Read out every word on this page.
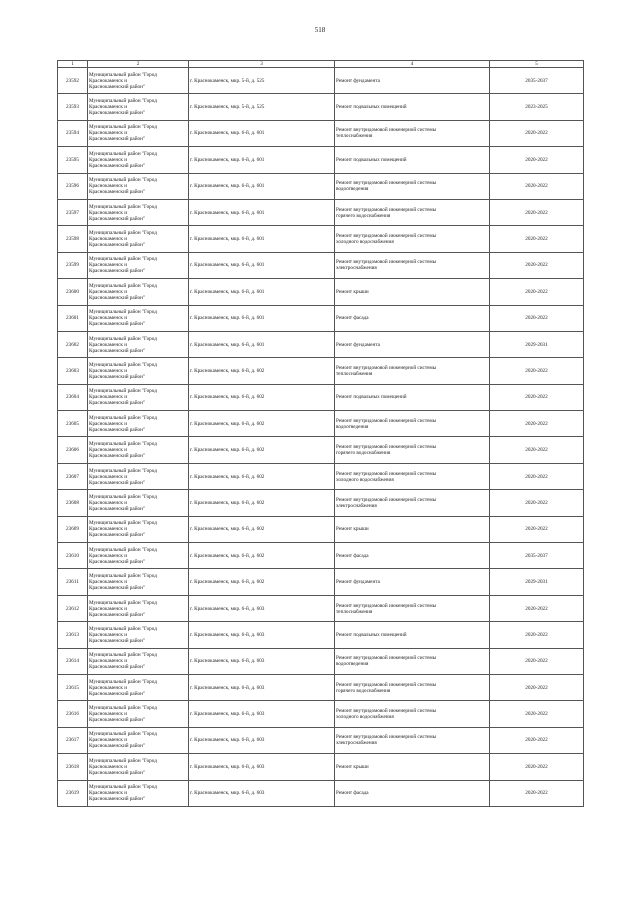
518
1	2	3	4	5
23592	Муниципальный район "Город
Краснокаменск и
Краснокаменский район"	г. Краснокаменск, мкр. 5-й, д. 525	Ремонт фундамента	2035-2037
23593	Муниципальный район "Город
Краснокаменск и
Краснокаменский район"	г. Краснокаменск, мкр. 5-й, д. 525	Ремонт подвальных помещений	2023-2025
23594	Муниципальный район "Город
Краснокаменск и
Краснокаменский район"	г. Краснокаменск, мкр. 6-й, д. 601	Ремонт внутридомовой инженерной системы
теплоснабжения	2020-2022
23595	Муниципальный район "Город
Краснокаменск и
Краснокаменский район"	г. Краснокаменск, мкр. 6-й, д. 601	Ремонт подвальных помещений	2020-2022
23596	Муниципальный район "Город
Краснокаменск и
Краснокаменский район"	г. Краснокаменск, мкр. 6-й, д. 601	Ремонт внутридомовой инженерной системы
водоотведения	2020-2022
23597	Муниципальный район "Город
Краснокаменск и
Краснокаменский район"	г. Краснокаменск, мкр. 6-й, д. 601	Ремонт внутридомовой инженерной системы
горячего водоснабжения	2020-2022
23598	Муниципальный район "Город
Краснокаменск и
Краснокаменский район"	г. Краснокаменск, мкр. 6-й, д. 601	Ремонт внутридомовой инженерной системы
холодного водоснабжения	2020-2022
23599	Муниципальный район "Город
Краснокаменск и
Краснокаменский район"	г. Краснокаменск, мкр. 6-й, д. 601	Ремонт внутридомовой инженерной системы
электроснабжения	2020-2022
23600	Муниципальный район "Город
Краснокаменск и
Краснокаменский район"	г. Краснокаменск, мкр. 6-й, д. 601	Ремонт крыши	2020-2022
23601	Муниципальный район "Город
Краснокаменск и
Краснокаменский район"	г. Краснокаменск, мкр. 6-й, д. 601	Ремонт фасада	2020-2022
23602	Муниципальный район "Город
Краснокаменск и
Краснокаменский район"	г. Краснокаменск, мкр. 6-й, д. 601	Ремонт фундамента	2029-2031
23603	Муниципальный район "Город
Краснокаменск и
Краснокаменский район"	г. Краснокаменск, мкр. 6-й, д. 602	Ремонт внутридомовой инженерной системы
теплоснабжения	2020-2022
23604	Муниципальный район "Город
Краснокаменск и
Краснокаменский район"	г. Краснокаменск, мкр. 6-й, д. 602	Ремонт подвальных помещений	2020-2022
23605	Муниципальный район "Город
Краснокаменск и
Краснокаменский район"	г. Краснокаменск, мкр. 6-й, д. 602	Ремонт внутридомовой инженерной системы
водоотведения	2020-2022
23606	Муниципальный район "Город
Краснокаменск и
Краснокаменский район"	г. Краснокаменск, мкр. 6-й, д. 602	Ремонт внутридомовой инженерной системы
горячего водоснабжения	2020-2022
23607	Муниципальный район "Город
Краснокаменск и
Краснокаменский район"	г. Краснокаменск, мкр. 6-й, д. 602	Ремонт внутридомовой инженерной системы
холодного водоснабжения	2020-2022
23608	Муниципальный район "Город
Краснокаменск и
Краснокаменский район"	г. Краснокаменск, мкр. 6-й, д. 602	Ремонт внутридомовой инженерной системы
электроснабжения	2020-2022
23609	Муниципальный район "Город
Краснокаменск и
Краснокаменский район"	г. Краснокаменск, мкр. 6-й, д. 602	Ремонт крыши	2020-2022
23610	Муниципальный район "Город
Краснокаменск и
Краснокаменский район"	г. Краснокаменск, мкр. 6-й, д. 602	Ремонт фасада	2035-2037
23611	Муниципальный район "Город
Краснокаменск и
Краснокаменский район"	г. Краснокаменск, мкр. 6-й, д. 602	Ремонт фундамента	2029-2031
23612	Муниципальный район "Город
Краснокаменск и
Краснокаменский район"	г. Краснокаменск, мкр. 6-й, д. 603	Ремонт внутридомовой инженерной системы
теплоснабжения	2020-2022
23613	Муниципальный район "Город
Краснокаменск и
Краснокаменский район"	г. Краснокаменск, мкр. 6-й, д. 603	Ремонт подвальных помещений	2020-2022
23614	Муниципальный район "Город
Краснокаменск и
Краснокаменский район"	г. Краснокаменск, мкр. 6-й, д. 603	Ремонт внутридомовой инженерной системы
водоотведения	2020-2022
23615	Муниципальный район "Город
Краснокаменск и
Краснокаменский район"	г. Краснокаменск, мкр. 6-й, д. 603	Ремонт внутридомовой инженерной системы
горячего водоснабжения	2020-2022
23616	Муниципальный район "Город
Краснокаменск и
Краснокаменский район"	г. Краснокаменск, мкр. 6-й, д. 603	Ремонт внутридомовой инженерной системы
холодного водоснабжения	2020-2022
23617	Муниципальный район "Город
Краснокаменск и
Краснокаменский район"	г. Краснокаменск, мкр. 6-й, д. 603	Ремонт внутридомовой инженерной системы
электроснабжения	2020-2022
23618	Муниципальный район "Город
Краснокаменск и
Краснокаменский район"	г. Краснокаменск, мкр. 6-й, д. 603	Ремонт крыши	2020-2022
23619	Муниципальный район "Город
Краснокаменск и
Краснокаменский район"	г. Краснокаменск, мкр. 6-й, д. 603	Ремонт фасада	2020-2022
